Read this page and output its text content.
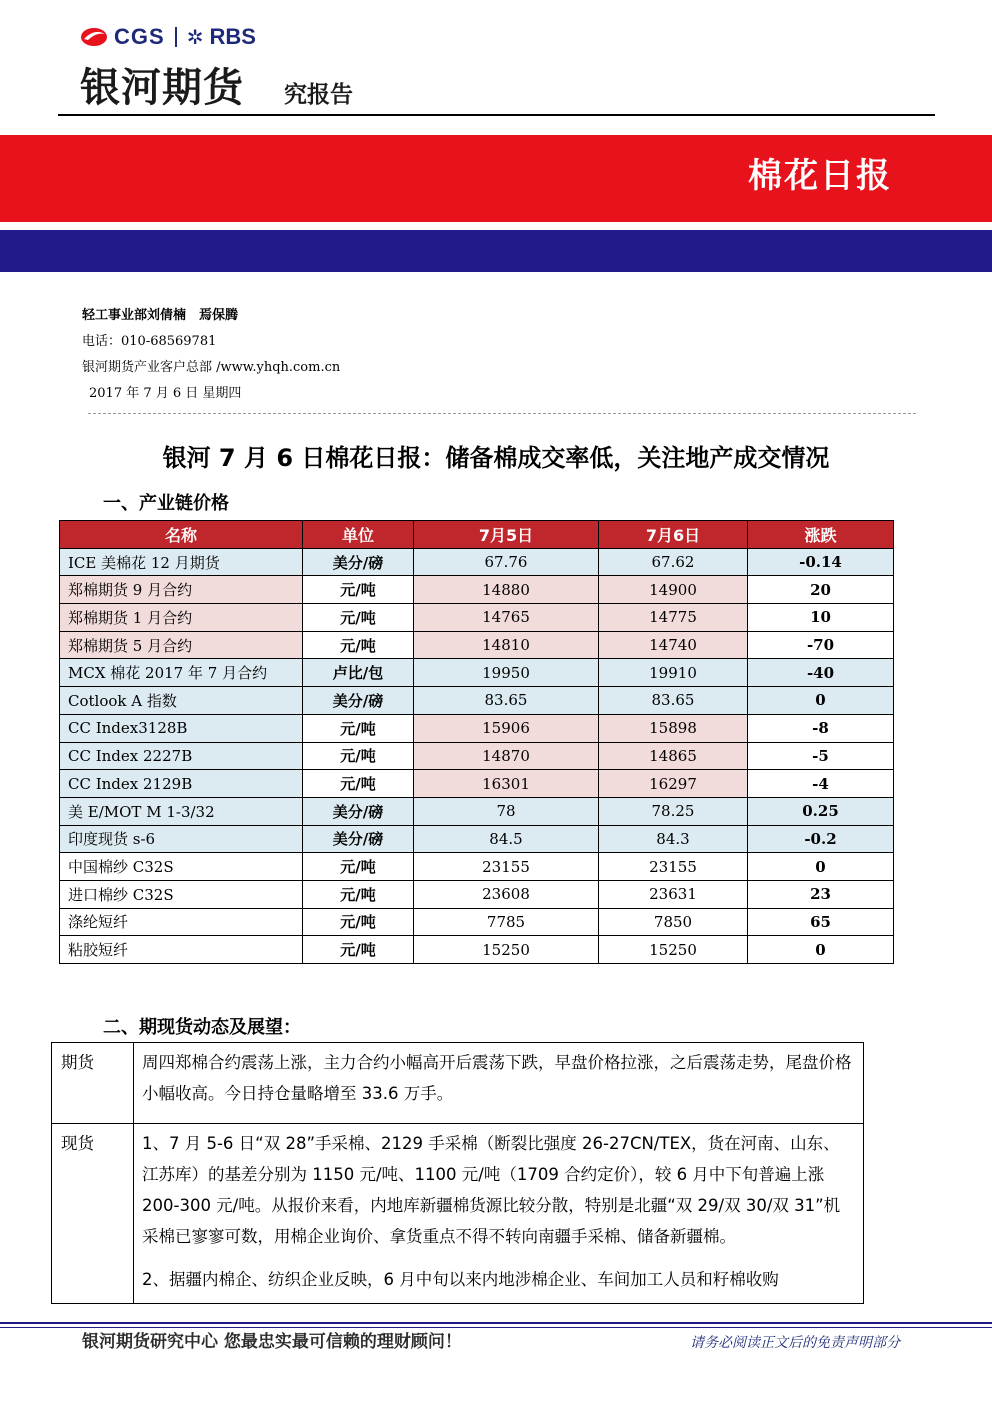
CGS ✲ RBS
银河期货 究报告
棉花日报
轻工事业部刘倩楠　焉保腾
电话：010-68569781
银河期货产业客户总部 /www.yhqh.com.cn
2017 年 7 月 6 日 星期四
银河 7 月 6 日棉花日报：储备棉成交率低，关注地产成交情况
一、产业链价格
名称	单位	7月5日	7月6日	涨跌
ICE 美棉花 12 月期货	美分/磅	67.76	67.62	-0.14
郑棉期货 9 月合约	元/吨	14880	14900	20
郑棉期货 1 月合约	元/吨	14765	14775	10
郑棉期货 5 月合约	元/吨	14810	14740	-70
MCX 棉花 2017 年 7 月合约	卢比/包	19950	19910	-40
Cotlook A 指数	美分/磅	83.65	83.65	0
CC Index3128B	元/吨	15906	15898	-8
CC Index 2227B	元/吨	14870	14865	-5
CC Index 2129B	元/吨	16301	16297	-4
美 E/MOT M 1-3/32	美分/磅	78	78.25	0.25
印度现货 s-6	美分/磅	84.5	84.3	-0.2
中国棉纱 C32S	元/吨	23155	23155	0
进口棉纱 C32S	元/吨	23608	23631	23
涤纶短纤	元/吨	7785	7850	65
粘胶短纤	元/吨	15250	15250	0
二、期现货动态及展望：
期货	周四郑棉合约震荡上涨，主力合约小幅高开后震荡下跌，早盘价格拉涨，之后震荡走势，尾盘价格小幅收高。今日持仓量略增至 33.6 万手。
现货	1、7 月 5-6 日“双 28”手采棉、2129 手采棉（断裂比强度 26-27CN/TEX，货在河南、山东、江苏库）的基差分别为 1150 元/吨、1100 元/吨（1709 合约定价），较 6 月中下旬普遍上涨 200-300 元/吨。从报价来看，内地库新疆棉货源比较分散，特别是北疆“双 29/双 30/双 31”机采棉已寥寥可数，用棉企业询价、拿货重点不得不转向南疆手采棉、储备新疆棉。

2、据疆内棉企、纺织企业反映，6 月中旬以来内地涉棉企业、车间加工人员和籽棉收购

银河期货研究中心 您最忠实最可信赖的理财顾问！	请务必阅读正文后的免责声明部分
